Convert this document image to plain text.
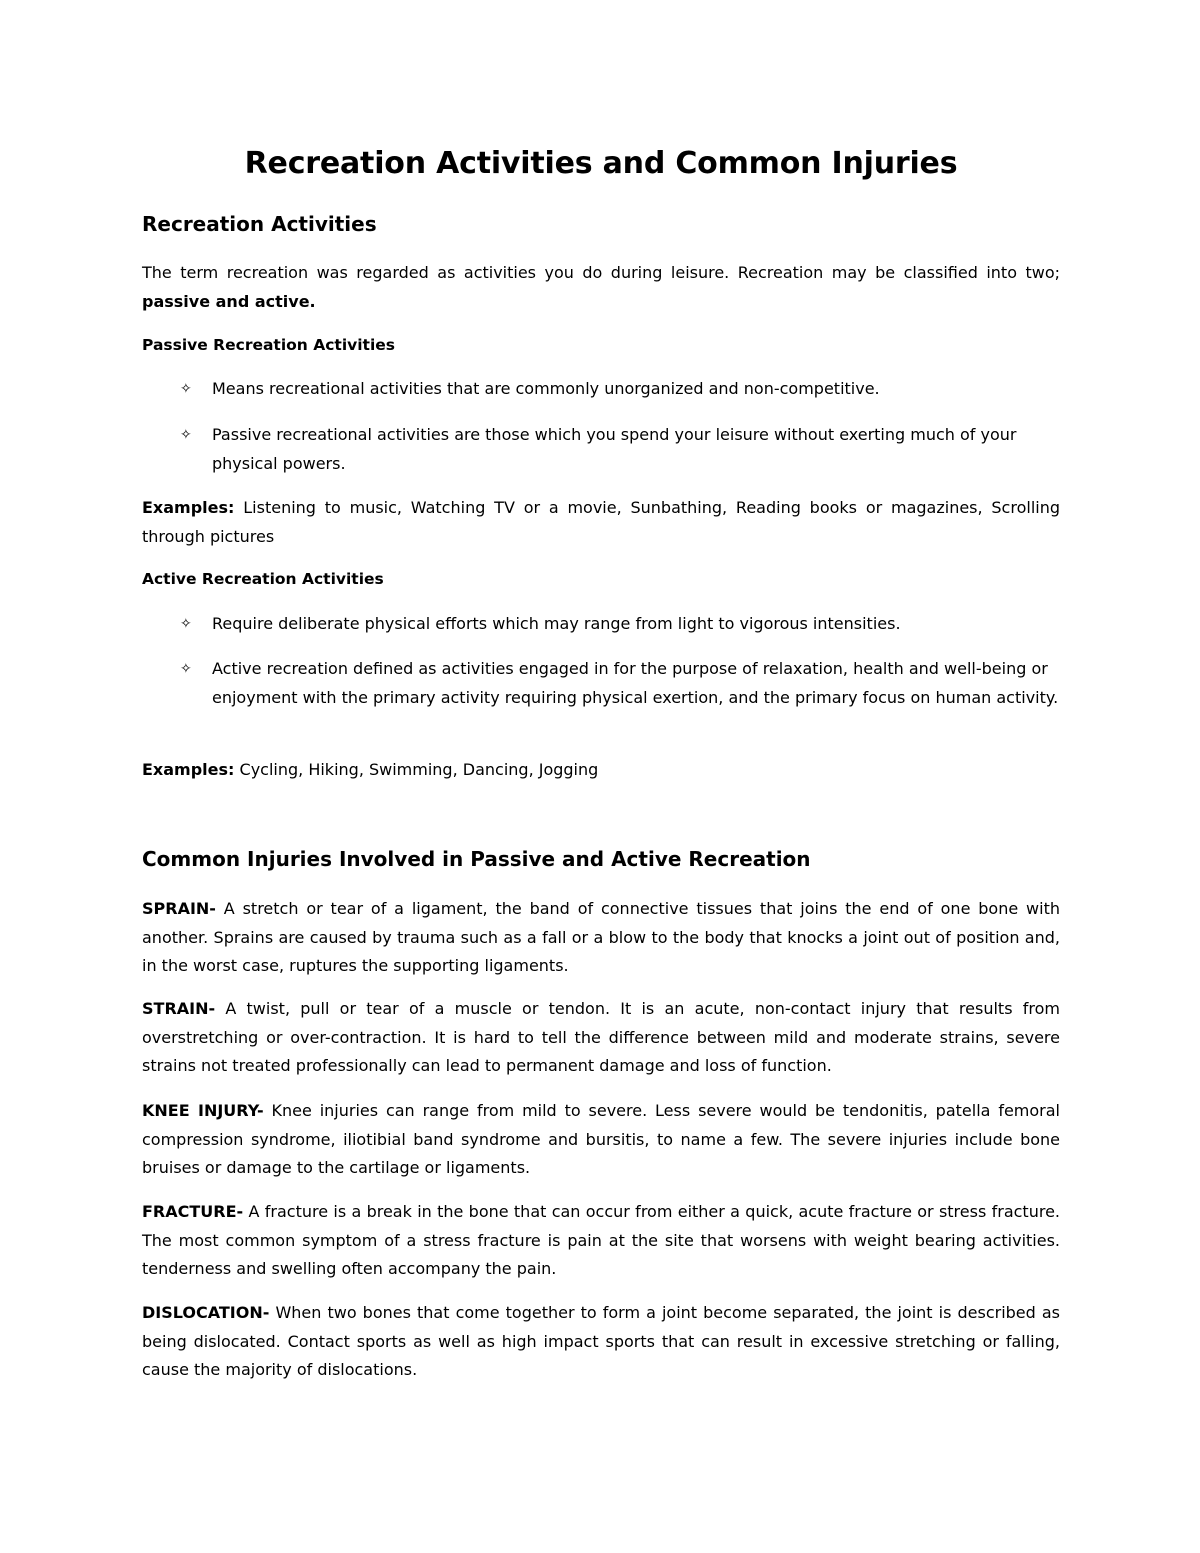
Recreation Activities and Common Injuries
Recreation Activities
The term recreation was regarded as activities you do during leisure. Recreation may be classified into two; passive and active.
Passive Recreation Activities
✧	Means recreational activities that are commonly unorganized and non-competitive.
✧	Passive recreational activities are those which you spend your leisure without exerting much of your physical powers.
Examples: Listening to music, Watching TV or a movie, Sunbathing, Reading books or magazines, Scrolling through pictures
Active Recreation Activities
✧	Require deliberate physical efforts which may range from light to vigorous intensities.
✧	Active recreation defined as activities engaged in for the purpose of relaxation, health and well-being or enjoyment with the primary activity requiring physical exertion, and the primary focus on human activity.
Examples: Cycling, Hiking, Swimming, Dancing, Jogging
Common Injuries Involved in Passive and Active Recreation
SPRAIN- A stretch or tear of a ligament, the band of connective tissues that joins the end of one bone with another. Sprains are caused by trauma such as a fall or a blow to the body that knocks a joint out of position and, in the worst case, ruptures the supporting ligaments.
STRAIN- A twist, pull or tear of a muscle or tendon. It is an acute, non-contact injury that results from overstretching or over-contraction. It is hard to tell the difference between mild and moderate strains, severe strains not treated professionally can lead to permanent damage and loss of function.
KNEE INJURY- Knee injuries can range from mild to severe. Less severe would be tendonitis, patella femoral compression syndrome, iliotibial band syndrome and bursitis, to name a few. The severe injuries include bone bruises or damage to the cartilage or ligaments.
FRACTURE- A fracture is a break in the bone that can occur from either a quick, acute fracture or stress fracture. The most common symptom of a stress fracture is pain at the site that worsens with weight bearing activities. tenderness and swelling often accompany the pain.
DISLOCATION- When two bones that come together to form a joint become separated, the joint is described as being dislocated. Contact sports as well as high impact sports that can result in excessive stretching or falling, cause the majority of dislocations.
